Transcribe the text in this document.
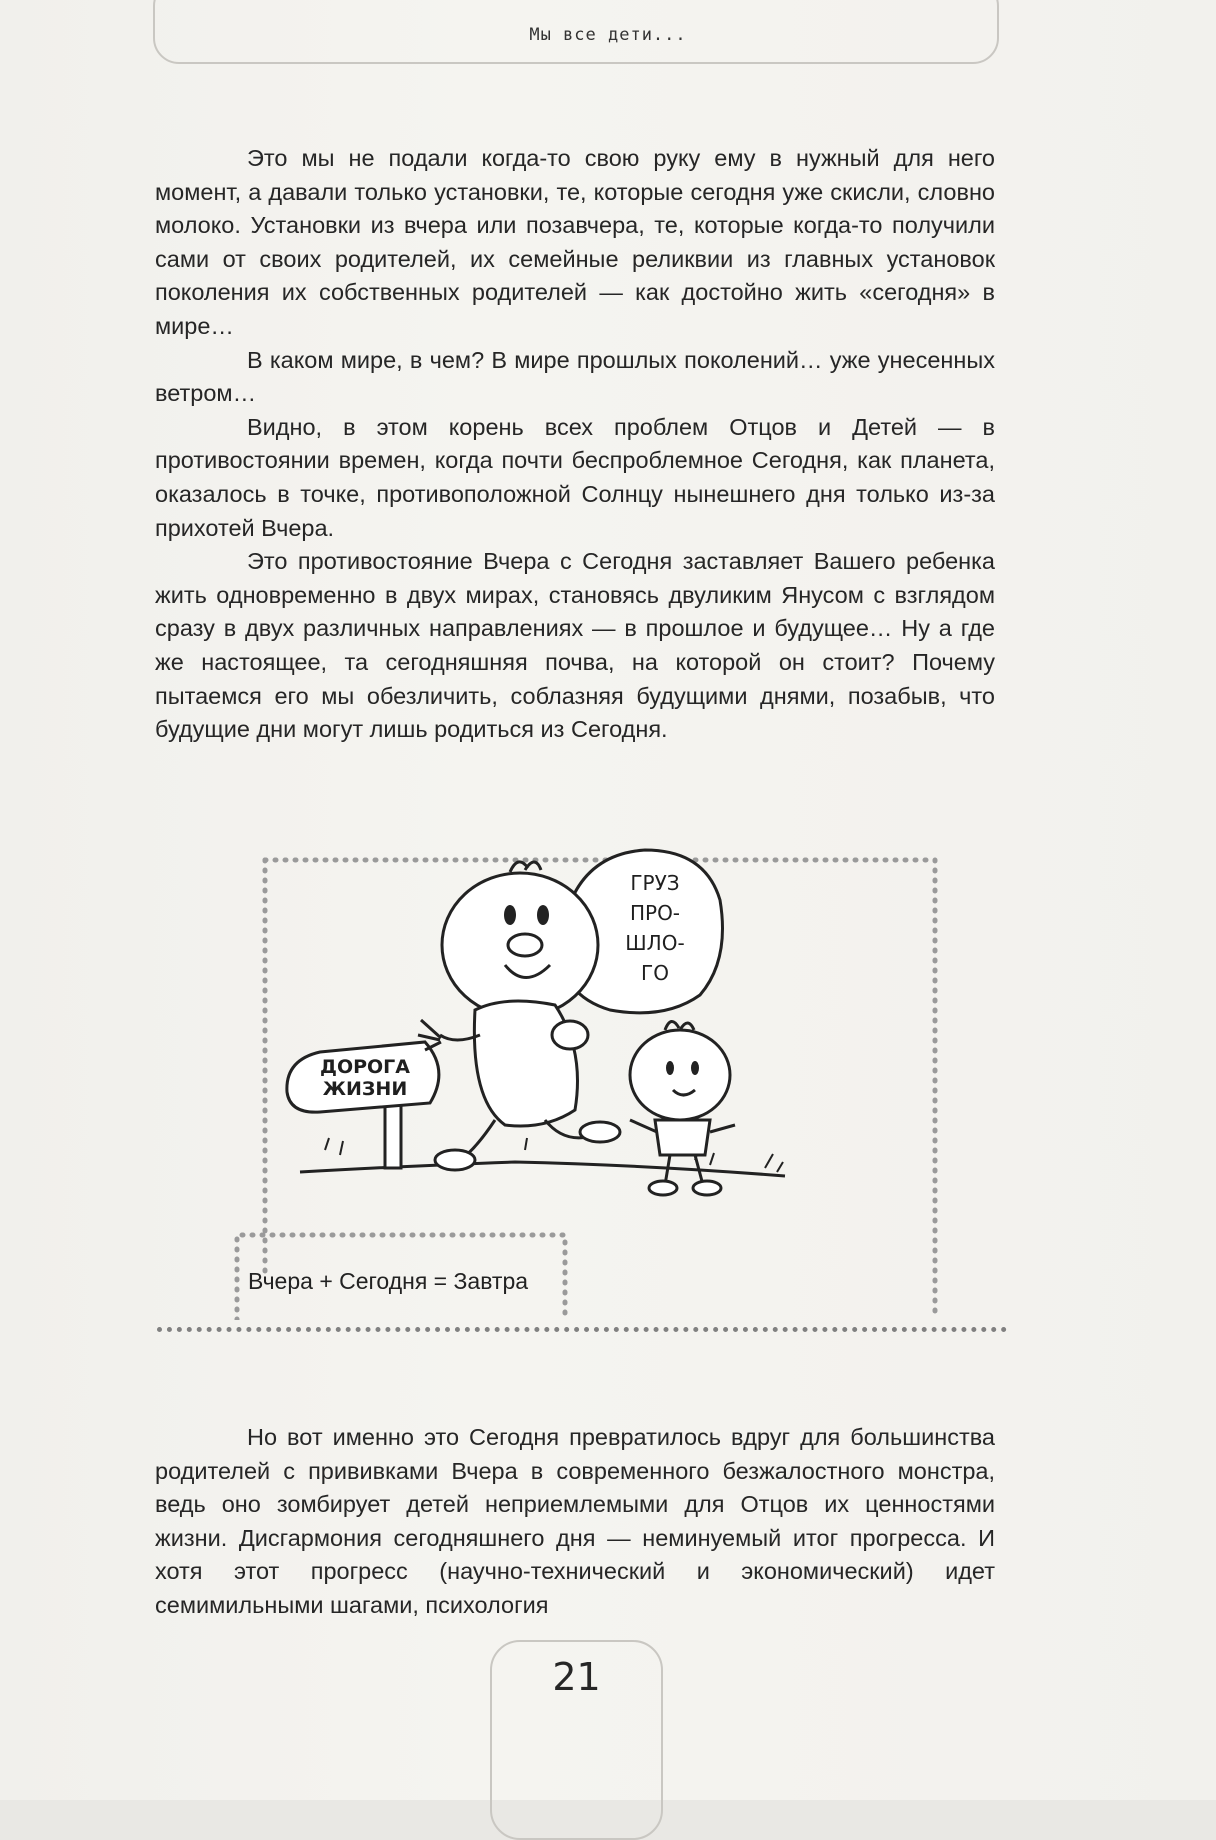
Мы все дети...

Это мы не подали когда-то свою руку ему в нужный для него момент, а давали только установки, те, которые сегодня уже скисли, словно молоко. Установки из вчера или позавчера, те, которые когда-то получили сами от своих родителей, их семейные реликвии из главных установок поколения их собственных родителей — как достойно жить «сегодня» в мире…

В каком мире, в чем? В мире прошлых поколений… уже унесенных ветром…

Видно, в этом корень всех проблем Отцов и Детей — в противостоянии времен, когда почти беспроблемное Сегодня, как планета, оказалось в точке, противоположной Солнцу нынешнего дня только из-за прихотей Вчера.

Это противостояние Вчера с Сегодня заставляет Вашего ребенка жить одновременно в двух мирах, становясь двуликим Янусом с взглядом сразу в двух различных направлениях — в прошлое и будущее… Ну а где же настоящее, та сегодняшняя почва, на которой он стоит? Почему пытаемся его мы обезличить, соблазняя будущими днями, позабыв, что будущие дни могут лишь родиться из Сегодня.

ДОРОГА
ЖИЗНИ
ГРУЗ
ПРО-
ШЛО-
ГО
Вчера + Сегодня = Завтра

Но вот именно это Сегодня превратилось вдруг для большинства родителей с прививками Вчера в современного безжалостного монстра, ведь оно зомбирует детей неприемлемыми для Отцов их ценностями жизни. Дисгармония сегодняшнего дня — неминуемый итог прогресса. И хотя этот прогресс (научно-технический и экономический) идет семимильными шагами, психология

21
